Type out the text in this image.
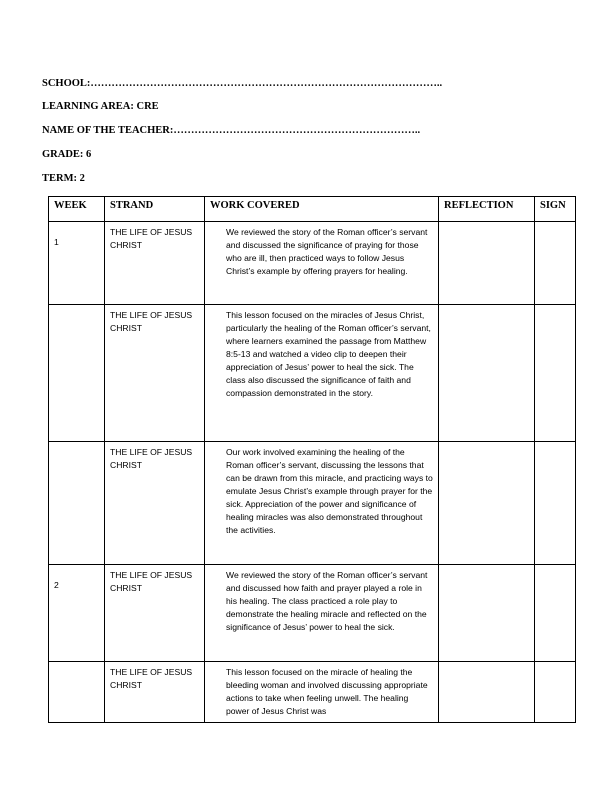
SCHOOL:………………………………………………………………………………………..
LEARNING AREA: CRE
NAME OF THE TEACHER:……………………………………………………………..
GRADE: 6
TERM: 2
WEEK	STRAND	WORK COVERED	REFLECTION	SIGN
1	THE LIFE OF JESUS CHRIST	We reviewed the story of the Roman officer’s servant and discussed the significance of praying for those who are ill, then practiced ways to follow Jesus Christ’s example by offering prayers for healing.		
	THE LIFE OF JESUS CHRIST	This lesson focused on the miracles of Jesus Christ, particularly the healing of the Roman officer’s servant, where learners examined the passage from Matthew 8:5-13 and watched a video clip to deepen their appreciation of Jesus’ power to heal the sick. The class also discussed the significance of faith and compassion demonstrated in the story.		
	THE LIFE OF JESUS CHRIST	Our work involved examining the healing of the Roman officer’s servant, discussing the lessons that can be drawn from this miracle, and practicing ways to emulate Jesus Christ’s example through prayer for the sick. Appreciation of the power and significance of healing miracles was also demonstrated throughout the activities.		
2	THE LIFE OF JESUS CHRIST	We reviewed the story of the Roman officer’s servant and discussed how faith and prayer played a role in his healing. The class practiced a role play to demonstrate the healing miracle and reflected on the significance of Jesus’ power to heal the sick.		
	THE LIFE OF JESUS CHRIST	This lesson focused on the miracle of healing the bleeding woman and involved discussing appropriate actions to take when feeling unwell. The healing power of Jesus Christ was		
